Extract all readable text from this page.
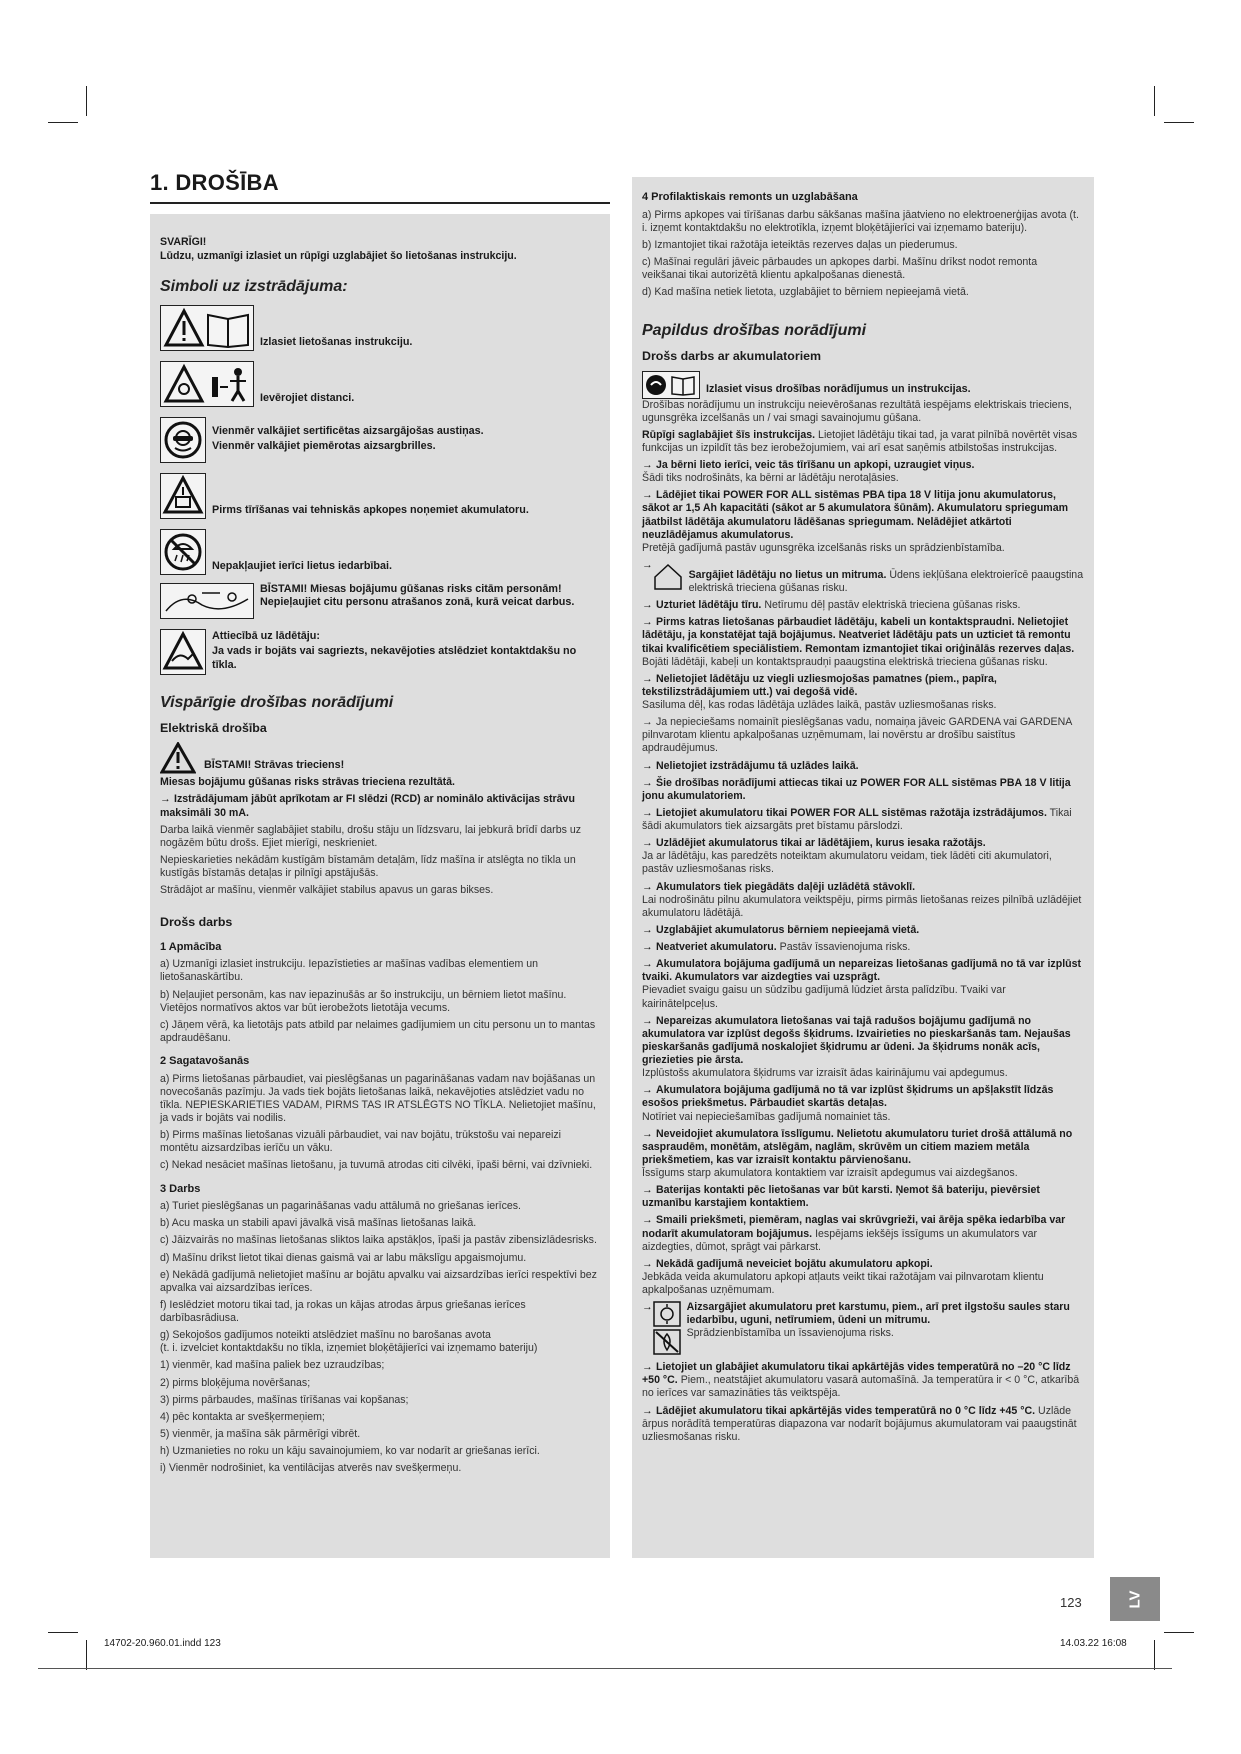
1. DROŠĪBA

SVARĪGI!

Lūdzu, uzmanīgi izlasiet un rūpīgi uzglabājiet šo lietošanas instrukciju.

Simboli uz izstrādājuma:
Izlasiet lietošanas instrukciju.
Ievērojiet distanci.
Vienmēr valkājiet sertificētas aizsargājošas austiņas.
Vienmēr valkājiet piemērotas aizsargbrilles.
Pirms tīrīšanas vai tehniskās apkopes noņemiet akumulatoru.
Nepakļaujiet ierīci lietus iedarbībai.
BĪSTAMI! Miesas bojājumu gūšanas risks citām personām! Nepieļaujiet citu personu atrašanos zonā, kurā veicat darbus.
Attiecībā uz lādētāju:
Ja vads ir bojāts vai sagriezts, nekavējoties atslēdziet kontaktdakšu no tīkla.
Vispārīgie drošības norādījumi
Elektriskā drošība
BĪSTAMI! Strāvas trieciens!

Miesas bojājumu gūšanas risks strāvas trieciena rezultātā.

→ Izstrādājumam jābūt aprīkotam ar FI slēdzi (RCD) ar nominālo aktivācijas strāvu maksimāli 30 mA.

Darba laikā vienmēr saglabājiet stabilu, drošu stāju un līdzsvaru, lai jebkurā brīdī darbs uz nogāzēm būtu drošs. Ejiet mierīgi, neskrieniet.

Nepieskarieties nekādām kustīgām bīstamām detaļām, līdz mašīna ir atslēgta no tīkla un kustīgās bīstamās detaļas ir pilnīgi apstājušās.

Strādājot ar mašīnu, vienmēr valkājiet stabilus apavus un garas bikses.

Drošs darbs
1 Apmācība

a) Uzmanīgi izlasiet instrukciju. Iepazīstieties ar mašīnas vadības elementiem un lietošanaskārtību.

b) Neļaujiet personām, kas nav iepazinušās ar šo instrukciju, un bērniem lietot mašīnu. Vietējos normatīvos aktos var būt ierobežots lietotāja vecums.

c) Jāņem vērā, ka lietotājs pats atbild par nelaimes gadījumiem un citu personu un to mantas apdraudēšanu.

2 Sagatavošanās

a) Pirms lietošanas pārbaudiet, vai pieslēgšanas un pagarināšanas vadam nav bojāšanas un novecošanās pazīmju. Ja vads tiek bojāts lietošanas laikā, nekavējoties atslēdziet vadu no tīkla. NEPIESKARIETIES VADAM, PIRMS TAS IR ATSLĒGTS NO TĪKLA. Nelietojiet mašīnu, ja vads ir bojāts vai nodilis.

b) Pirms mašīnas lietošanas vizuāli pārbaudiet, vai nav bojātu, trūkstošu vai nepareizi montētu aizsardzības ierīču un vāku.

c) Nekad nesāciet mašīnas lietošanu, ja tuvumā atrodas citi cilvēki, īpaši bērni, vai dzīvnieki.

3 Darbs

a) Turiet pieslēgšanas un pagarināšanas vadu attālumā no griešanas ierīces.

b) Acu maska un stabili apavi jāvalkā visā mašīnas lietošanas laikā.

c) Jāizvairās no mašīnas lietošanas sliktos laika apstākļos, īpaši ja pastāv zibensizlādesrisks.

d) Mašīnu drīkst lietot tikai dienas gaismā vai ar labu mākslīgu apgaismojumu.

e) Nekādā gadījumā nelietojiet mašīnu ar bojātu apvalku vai aizsardzības ierīci respektīvi bez apvalka vai aizsardzības ierīces.

f) Ieslēdziet motoru tikai tad, ja rokas un kājas atrodas ārpus griešanas ierīces darbībasrādiusa.

g) Sekojošos gadījumos noteikti atslēdziet mašīnu no barošanas avota

(t. i. izvelciet kontaktdakšu no tīkla, izņemiet bloķētājierīci vai izņemamo bateriju)

1) vienmēr, kad mašīna paliek bez uzraudzības;

2) pirms bloķējuma novēršanas;

3) pirms pārbaudes, mašīnas tīrīšanas vai kopšanas;

4) pēc kontakta ar svešķermeņiem;

5) vienmēr, ja mašīna sāk pārmērīgi vibrēt.

h) Uzmanieties no roku un kāju savainojumiem, ko var nodarīt ar griešanas ierīci.

i) Vienmēr nodrošiniet, ka ventilācijas atverēs nav svešķermeņu.

4 Profilaktiskais remonts un uzglabāšana

a) Pirms apkopes vai tīrīšanas darbu sākšanas mašīna jāatvieno no elektroenerģijas avota (t. i. izņemt kontaktdakšu no elektrotīkla, izņemt bloķētājierīci vai izņemamo bateriju).

b) Izmantojiet tikai ražotāja ieteiktās rezerves daļas un piederumus.

c) Mašīnai regulāri jāveic pārbaudes un apkopes darbi. Mašīnu drīkst nodot remonta veikšanai tikai autorizētā klientu apkalpošanas dienestā.

d) Kad mašīna netiek lietota, uzglabājiet to bērniem nepieejamā vietā.

Papildus drošības norādījumi
Drošs darbs ar akumulatoriem
Izlasiet visus drošības norādījumus un instrukcijas.

Drošības norādījumu un instrukciju neievērošanas rezultātā iespējams elektriskais trieciens, ugunsgrēka izcelšanās un / vai smagi savainojumu gūšana.

Rūpīgi saglabājiet šīs instrukcijas. Lietojiet lādētāju tikai tad, ja varat pilnībā novērtēt visas funkcijas un izpildīt tās bez ierobežojumiem, vai arī esat saņēmis atbilstošas instrukcijas.

→ Ja bērni lieto ierīci, veic tās tīrīšanu un apkopi, uzraugiet viņus.
Šādi tiks nodrošināts, ka bērni ar lādētāju nerotaļāsies.

→ Lādējiet tikai POWER FOR ALL sistēmas PBA tipa 18 V litija jonu akumulatorus, sākot ar 1,5 Ah kapacitāti (sākot ar 5 akumulatora šūnām). Akumulatoru spriegumam jāatbilst lādētāja akumulatoru lādēšanas spriegumam. Nelādējiet atkārtoti neuzlādējamus akumulatorus.
Pretējā gadījumā pastāv ugunsgrēka izcelšanās risks un sprādzienbīstamība.

→
Sargājiet lādētāju no lietus un mitruma. Ūdens iekļūšana elektroierīcē paaugstina elektriskā trieciena gūšanas risku.

→ Uzturiet lādētāju tīru. Netīrumu dēļ pastāv elektriskā trieciena gūšanas risks.

→ Pirms katras lietošanas pārbaudiet lādētāju, kabeli un kontaktspraudni. Nelietojiet lādētāju, ja konstatējat tajā bojājumus. Neatveriet lādētāju pats un uzticiet tā remontu tikai kvalificētiem speciālistiem. Remontam izmantojiet tikai oriģinālās rezerves daļas.
Bojāti lādētāji, kabeļi un kontaktspraudņi paaugstina elektriskā trieciena gūšanas risku.

→ Nelietojiet lādētāju uz viegli uzliesmojošas pamatnes (piem., papīra, tekstilizstrādājumiem utt.) vai degošā vidē.
Sasiluma dēļ, kas rodas lādētāja uzlādes laikā, pastāv uzliesmošanas risks.

→ Ja nepieciešams nomainīt pieslēgšanas vadu, nomaiņa jāveic GARDENA vai GARDENA pilnvarotam klientu apkalpošanas uzņēmumam, lai novērstu ar drošību saistītus apdraudējumus.

→ Nelietojiet izstrādājumu tā uzlādes laikā.

→ Šie drošības norādījumi attiecas tikai uz POWER FOR ALL sistēmas PBA 18 V litija jonu akumulatoriem.

→ Lietojiet akumulatoru tikai POWER FOR ALL sistēmas ražotāja izstrādājumos. Tikai šādi akumulators tiek aizsargāts pret bīstamu pārslodzi.

→ Uzlādējiet akumulatorus tikai ar lādētājiem, kurus iesaka ražotājs.
Ja ar lādētāju, kas paredzēts noteiktam akumulatoru veidam, tiek lādēti citi akumulatori, pastāv uzliesmošanas risks.

→ Akumulators tiek piegādāts daļēji uzlādētā stāvoklī.
Lai nodrošinātu pilnu akumulatora veiktspēju, pirms pirmās lietošanas reizes pilnībā uzlādējiet akumulatoru lādētājā.

→ Uzglabājiet akumulatorus bērniem nepieejamā vietā.

→ Neatveriet akumulatoru. Pastāv īssavienojuma risks.

→ Akumulatora bojājuma gadījumā un nepareizas lietošanas gadījumā no tā var izplūst tvaiki. Akumulators var aizdegties vai uzsprāgt.
Pievadiet svaigu gaisu un sūdzību gadījumā lūdziet ārsta palīdzību. Tvaiki var kairinātelpceļus.

→ Nepareizas akumulatora lietošanas vai tajā radušos bojājumu gadījumā no akumulatora var izplūst degošs šķidrums. Izvairieties no pieskaršanās tam. Nejaušas pieskaršanās gadījumā noskalojiet šķidrumu ar ūdeni. Ja šķidrums nonāk acīs, griezieties pie ārsta.
Izplūstošs akumulatora šķidrums var izraisīt ādas kairinājumu vai apdegumus.

→ Akumulatora bojājuma gadījumā no tā var izplūst šķidrums un apšļakstīt līdzās esošos priekšmetus. Pārbaudiet skartās detaļas.
Notīriet vai nepieciešamības gadījumā nomainiet tās.

→ Neveidojiet akumulatora īsslīgumu. Nelietotu akumulatoru turiet drošā attālumā no saspraudēm, monētām, atslēgām, naglām, skrūvēm un citiem maziem metāla priekšmetiem, kas var izraisīt kontaktu pārvienošanu.
Īssīgums starp akumulatora kontaktiem var izraisīt apdegumus vai aizdegšanos.

→ Baterijas kontakti pēc lietošanas var būt karsti. Ņemot šā bateriju, pievērsiet uzmanību karstajiem kontaktiem.

→ Smaili priekšmeti, piemēram, naglas vai skrūvgrieži, vai ārēja spēka iedarbība var nodarīt akumulatoram bojājumus. Iespējams iekšējs īssīgums un akumulators var aizdegties, dūmot, sprāgt vai pārkarst.

→ Nekādā gadījumā neveiciet bojātu akumulatoru apkopi.
Jebkāda veida akumulatoru apkopi atļauts veikt tikai ražotājam vai pilnvarotam klientu apkalpošanas uzņēmumam.

→	Aizsargājiet akumulatoru pret karstumu, piem., arī pret ilgstošu saules staru iedarbību, uguni, netīrumiem, ūdeni un mitrumu.
Sprādzienbīstamība un īssavienojuma risks.

→ Lietojiet un glabājiet akumulatoru tikai apkārtējās vides temperatūrā no –20 °C līdz +50 °C. Piem., neatstājiet akumulatoru vasarā automašīnā. Ja temperatūra ir < 0 °C, atkarībā no ierīces var samazināties tās veiktspēja.

→ Lādējiet akumulatoru tikai apkārtējās vides temperatūrā no 0 °C līdz +45 °C. Uzlāde ārpus norādītā temperatūras diapazona var nodarīt bojājumus akumulatoram vai paaugstināt uzliesmošanas risku.

123	LV
14702-20.960.01.indd 123	14.03.22 16:08
